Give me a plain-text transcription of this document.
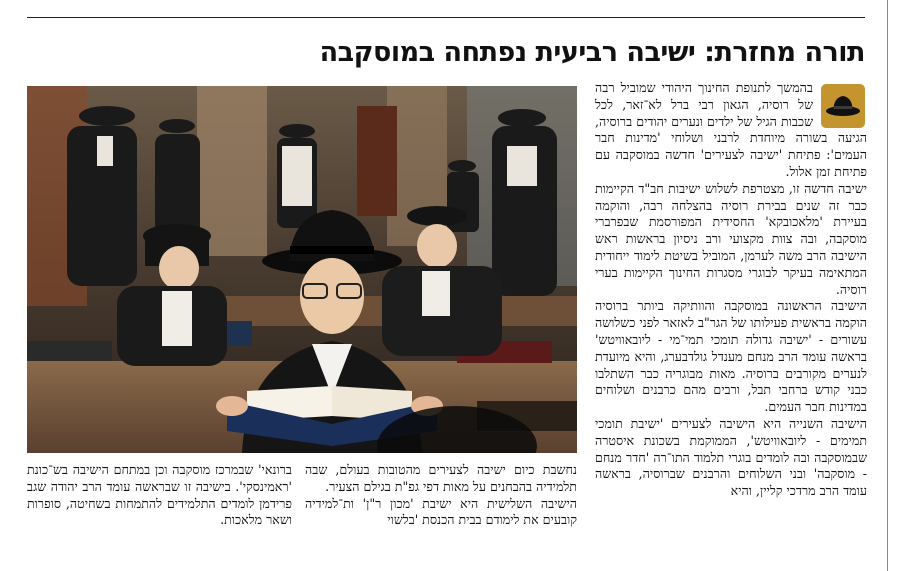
תורה מחזרת: ישיבה רביעית נפתחה במוסקבה

בהמשך לתנופת החינוך היהודי שמוביל רבה של רוסיה, הגאון רבי ברל לא־זאר, לכל שכבות הגיל של ילדים ונערים יהודים ברוסיה, הגיעה בשורה מיוחדת לרבני ושלוחי 'מדינות חבר העמים': פתיחת 'ישיבה לצעירים' חדשה במוסקבה עם פתיחת זמן אלול.

ישיבה חדשה זו, מצטרפת לשלוש ישיבות חב"ד הקיימות כבר זה שנים בבירת רוסיה בהצלחה רבה, והוקמה בעיירת 'מלאכובקא' החסידית המפורסמת שבפרברי מוסקבה, ובה צוות מקצועי ורב ניסיון בראשות ראש הישיבה הרב משה לערמן, המוביל בשיטת לימוד ייחודית המתאימה בעיקר לבוגרי מסגרות החינוך הקיימות בערי רוסיה.

הישיבה הראשונה במוסקבה והוותיקה ביותר ברוסיה הוקמה בראשית פעילותו של הגר"ב לאזאר לפני כשלושה עשורים - 'ישיבה גדולה תומכי תמי־מי - ליובאוויטש' בראשה עומד הרב מנחם מענדל גולדבערג, והיא מיועדת לנערים מקורבים ברוסיה. מאות מבוגריה כבר השתלבו כבני קודש ברחבי תבל, ורבים מהם כרבנים ושלוחים במדינות חבר העמים.

הישיבה השנייה היא הישיבה לצעירים 'ישיבת תומכי תמימים - ליובאוויטש', הממוקמת בשכונת איסטרה שבמוסקבה ובה לומדים בוגרי תלמוד התו־רה 'חדר מנחם - מוסקבה' ובני השלוחים והרבנים שברוסיה, בראשה עומד הרב מרדכי קליין, והיא

נחשבת כיום ישיבה לצעירים מהטובות בעולם, שבה תלמידיה בהבחנים על מאות דפי גפ"ת בגילם הצעיר.

הישיבה השלישית היא ישיבת 'מכון ר"ן' ות־למידיה קובעים את לימודם בבית הכנסת 'בלשוי

ברונאי' שבמרכז מוסקבה וכן במתחם הישיבה בש־כונת 'ראמינסקי'. בישיבה זו שבראשה עומד הרב יהודה שגב פרידמן לומדים התלמידים להתמחות בשחיטה, סופרות ושאר מלאכות.
